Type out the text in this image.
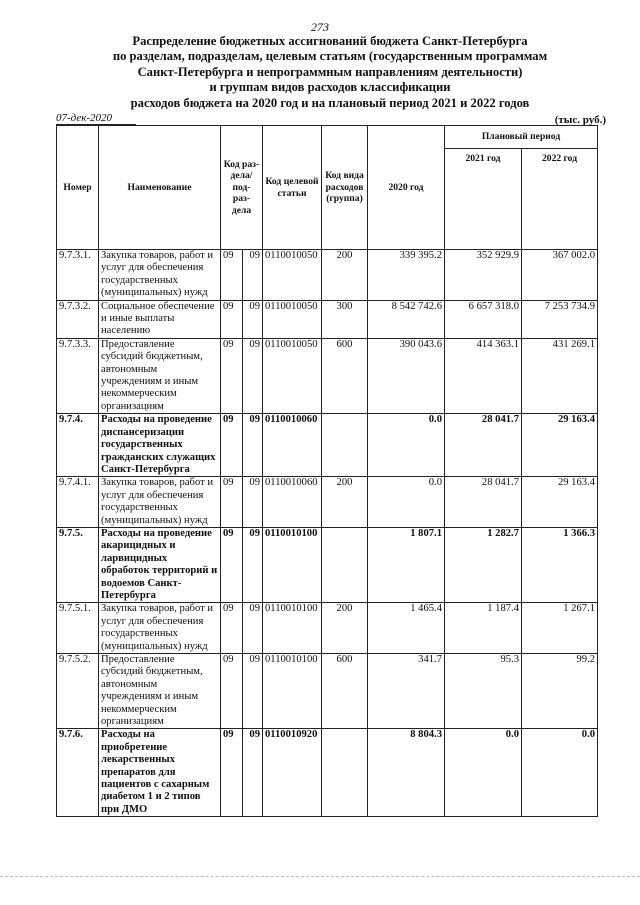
273
Распределение бюджетных ассигнований бюджета Санкт-Петербурга
по разделам, подразделам, целевым статьям (государственным программам
Санкт-Петербурга и непрограммным направлениям деятельности)
и группам видов расходов классификации
расходов бюджета на 2020 год и на плановый период 2021 и 2022 годов
07-дек-2020	(тыс. руб.)
Номер	Наименование	Код раз- дела/ под- раз- дела		Код целевой статьи	Код вида расходов (группа)	2020 год	Плановый период	

							2021 год	2022 год

9.7.3.1.	Закупка товаров, работ и услуг для обеспечения государственных (муниципальных) нужд	09	09	0110010050	200	339 395.2	352 929.9	367 002.0
9.7.3.2.	Социальное обеспечение и иные выплаты населению	09	09	0110010050	300	8 542 742.6	6 657 318.0	7 253 734.9
9.7.3.3.	Предоставление субсидий бюджетным, автономным учреждениям и иным некоммерческим организациям	09	09	0110010050	600	390 043.6	414 363.1	431 269.1
9.7.4.	Расходы на проведение диспансеризации государственных гражданских служащих Санкт-Петербурга	09	09	0110010060		0.0	28 041.7	29 163.4
9.7.4.1.	Закупка товаров, работ и услуг для обеспечения государственных (муниципальных) нужд	09	09	0110010060	200	0.0	28 041.7	29 163.4
9.7.5.	Расходы на проведение акарицидных и ларвицидных обработок территорий и водоемов Санкт-Петербурга	09	09	0110010100		1 807.1	1 282.7	1 366.3
9.7.5.1.	Закупка товаров, работ и услуг для обеспечения государственных (муниципальных) нужд	09	09	0110010100	200	1 465.4	1 187.4	1 267.1
9.7.5.2.	Предоставление субсидий бюджетным, автономным учреждениям и иным некоммерческим организациям	09	09	0110010100	600	341.7	95.3	99.2
9.7.6.	Расходы на приобретение лекарственных препаратов для пациентов с сахарным диабетом 1 и 2 типов при ДМО	09	09	0110010920		8 804.3	0.0	0.0
